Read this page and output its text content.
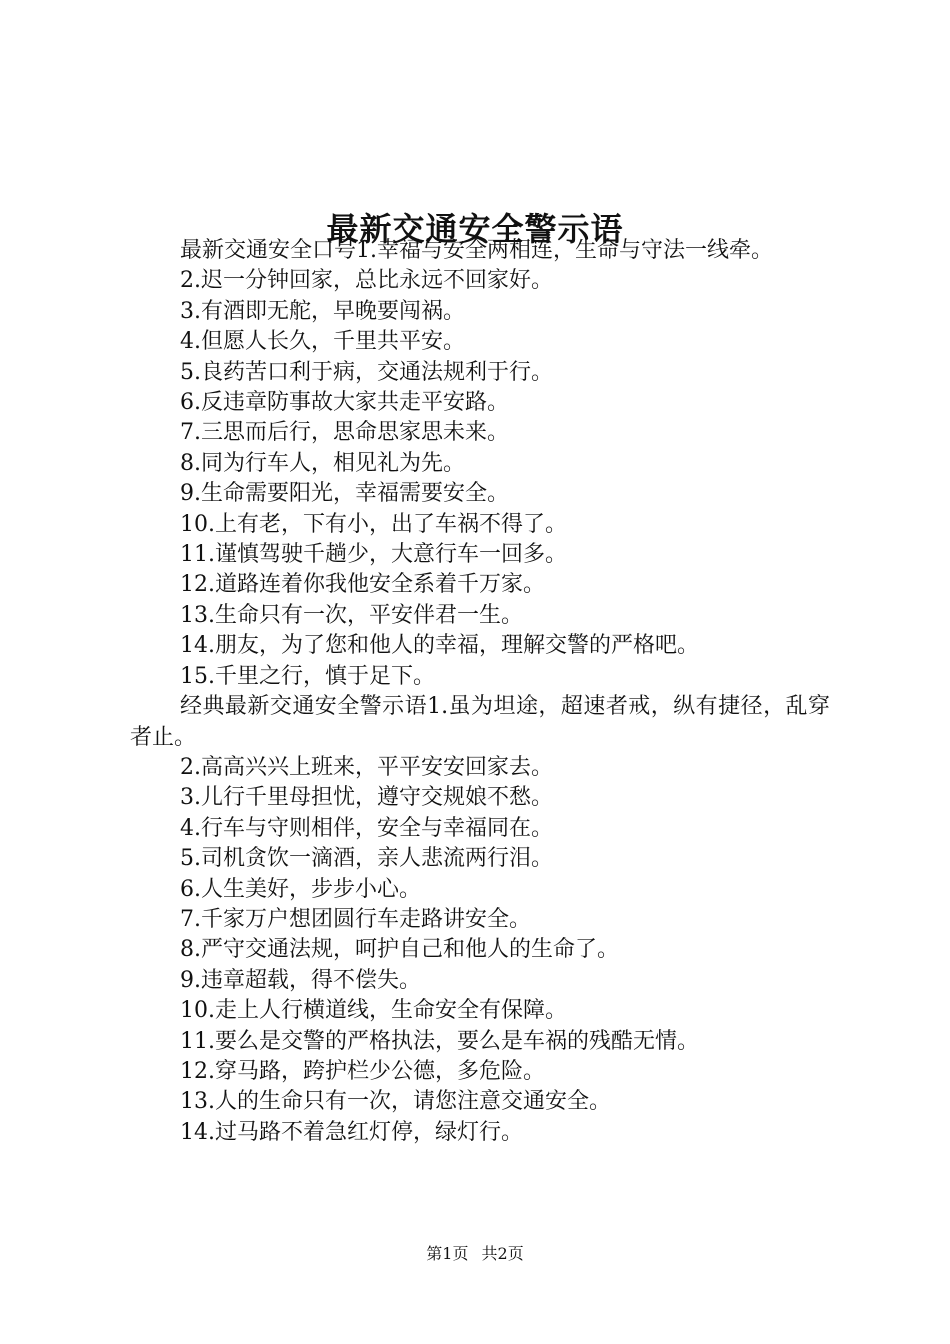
最新交通安全警示语

最新交通安全口号1.幸福与安全两相连，生命与守法一线牵。

2.迟一分钟回家，总比永远不回家好。

3.有酒即无舵，早晚要闯祸。

4.但愿人长久，千里共平安。

5.良药苦口利于病，交通法规利于行。

6.反违章防事故大家共走平安路。

7.三思而后行，思命思家思未来。

8.同为行车人，相见礼为先。

9.生命需要阳光，幸福需要安全。

10.上有老，下有小，出了车祸不得了。

11.谨慎驾驶千趟少，大意行车一回多。

12.道路连着你我他安全系着千万家。

13.生命只有一次，平安伴君一生。

14.朋友，为了您和他人的幸福，理解交警的严格吧。

15.千里之行，慎于足下。

经典最新交通安全警示语1.虽为坦途，超速者戒，纵有捷径，乱穿者止。

2.高高兴兴上班来，平平安安回家去。

3.儿行千里母担忧，遵守交规娘不愁。

4.行车与守则相伴，安全与幸福同在。

5.司机贪饮一滴酒，亲人悲流两行泪。

6.人生美好，步步小心。

7.千家万户想团圆行车走路讲安全。

8.严守交通法规，呵护自己和他人的生命了。

9.违章超载，得不偿失。

10.走上人行横道线，生命安全有保障。

11.要么是交警的严格执法，要么是车祸的残酷无情。

12.穿马路，跨护栏少公德，多危险。

13.人的生命只有一次，请您注意交通安全。

14.过马路不着急红灯停，绿灯行。

第1页 共2页
